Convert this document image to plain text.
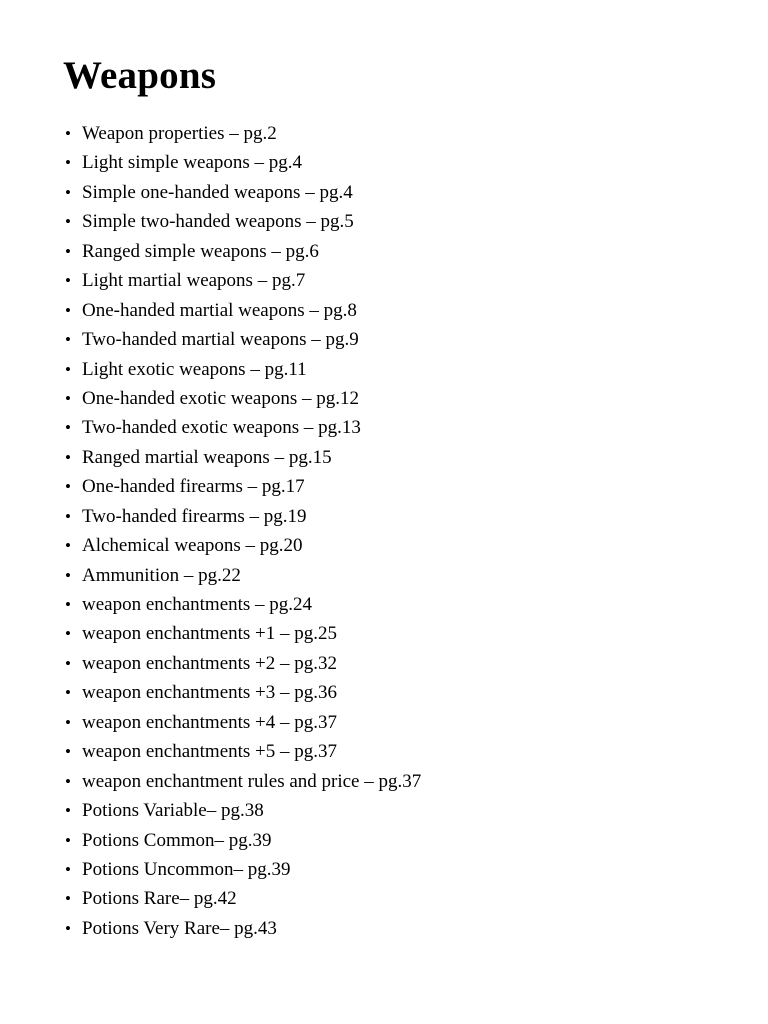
Weapons
• Weapon properties – pg.2
• Light simple weapons – pg.4
• Simple one-handed weapons – pg.4
• Simple two-handed weapons – pg.5
• Ranged simple weapons – pg.6
• Light martial weapons – pg.7
• One-handed martial weapons – pg.8
• Two-handed martial weapons – pg.9
• Light exotic weapons – pg.11
• One-handed exotic weapons – pg.12
• Two-handed exotic weapons – pg.13
• Ranged martial weapons – pg.15
• One-handed firearms – pg.17
• Two-handed firearms – pg.19
• Alchemical weapons – pg.20
• Ammunition – pg.22
• weapon enchantments – pg.24
• weapon enchantments +1 – pg.25
• weapon enchantments +2 – pg.32
• weapon enchantments +3 – pg.36
• weapon enchantments +4 – pg.37
• weapon enchantments +5 – pg.37
• weapon enchantment rules and price – pg.37
• Potions Variable– pg.38
• Potions Common– pg.39
• Potions Uncommon– pg.39
• Potions Rare– pg.42
• Potions Very Rare– pg.43
